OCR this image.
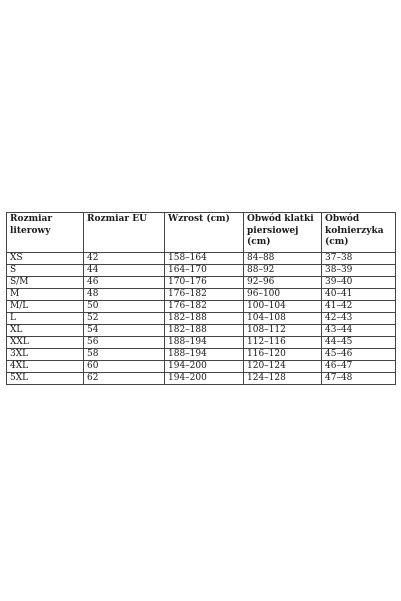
Rozmiar literowy	Rozmiar EU	Wzrost (cm)	Obwód klatki piersiowej (cm)	Obwód kołnierzyka (cm)
XS	42	158–164	84–88	37–38
S	44	164–170	88–92	38–39
S/M	46	170–176	92–96	39–40
M	48	176–182	96–100	40–41
M/L	50	176–182	100–104	41–42
L	52	182–188	104–108	42–43
XL	54	182–188	108–112	43–44
XXL	56	188–194	112–116	44–45
3XL	58	188–194	116–120	45–46
4XL	60	194–200	120–124	46–47
5XL	62	194–200	124–128	47–48
